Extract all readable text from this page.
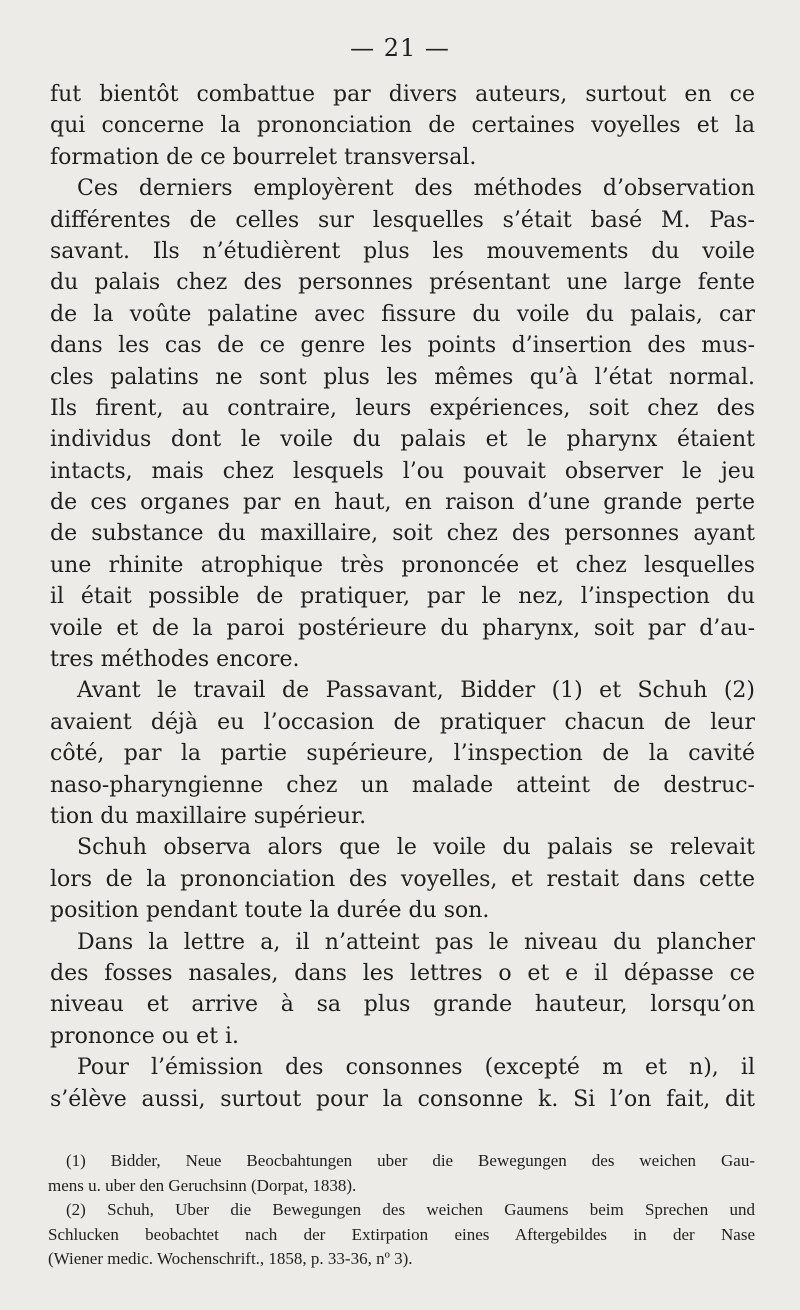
— 21 —

fut bientôt combattue par divers auteurs, surtout en ce
qui concerne la prononciation de certaines voyelles et la
formation de ce bourrelet transversal.

Ces derniers employèrent des méthodes d’observation
différentes de celles sur lesquelles s’était basé M. Pas-
savant. Ils n’étudièrent plus les mouvements du voile
du palais chez des personnes présentant une large fente
de la voûte palatine avec fissure du voile du palais, car
dans les cas de ce genre les points d’insertion des mus-
cles palatins ne sont plus les mêmes qu’à l’état normal.
Ils firent, au contraire, leurs expériences, soit chez des
individus dont le voile du palais et le pharynx étaient
intacts, mais chez lesquels l’ou pouvait observer le jeu
de ces organes par en haut, en raison d’une grande perte
de substance du maxillaire, soit chez des personnes ayant
une rhinite atrophique très prononcée et chez lesquelles
il était possible de pratiquer, par le nez, l’inspection du
voile et de la paroi postérieure du pharynx, soit par d’au-
tres méthodes encore.

Avant le travail de Passavant, Bidder (1) et Schuh (2)
avaient déjà eu l’occasion de pratiquer chacun de leur
côté, par la partie supérieure, l’inspection de la cavité
naso-pharyngienne chez un malade atteint de destruc-
tion du maxillaire supérieur.

Schuh observa alors que le voile du palais se relevait
lors de la prononciation des voyelles, et restait dans cette
position pendant toute la durée du son.

Dans la lettre a, il n’atteint pas le niveau du plancher
des fosses nasales, dans les lettres o et e il dépasse ce
niveau et arrive à sa plus grande hauteur, lorsqu’on
prononce ou et i.

Pour l’émission des consonnes (excepté m et n), il
s’élève aussi, surtout pour la consonne k. Si l’on fait, dit

(1) Bidder, Neue Beocbahtungen uber die Bewegungen des weichen Gau-
mens u. uber den Geruchsinn (Dorpat, 1838).
(2) Schuh, Uber die Bewegungen des weichen Gaumens beim Sprechen und
Schlucken beobachtet nach der Extirpation eines Aftergebildes in der Nase
(Wiener medic. Wochenschrift., 1858, p. 33-36, nº 3).
